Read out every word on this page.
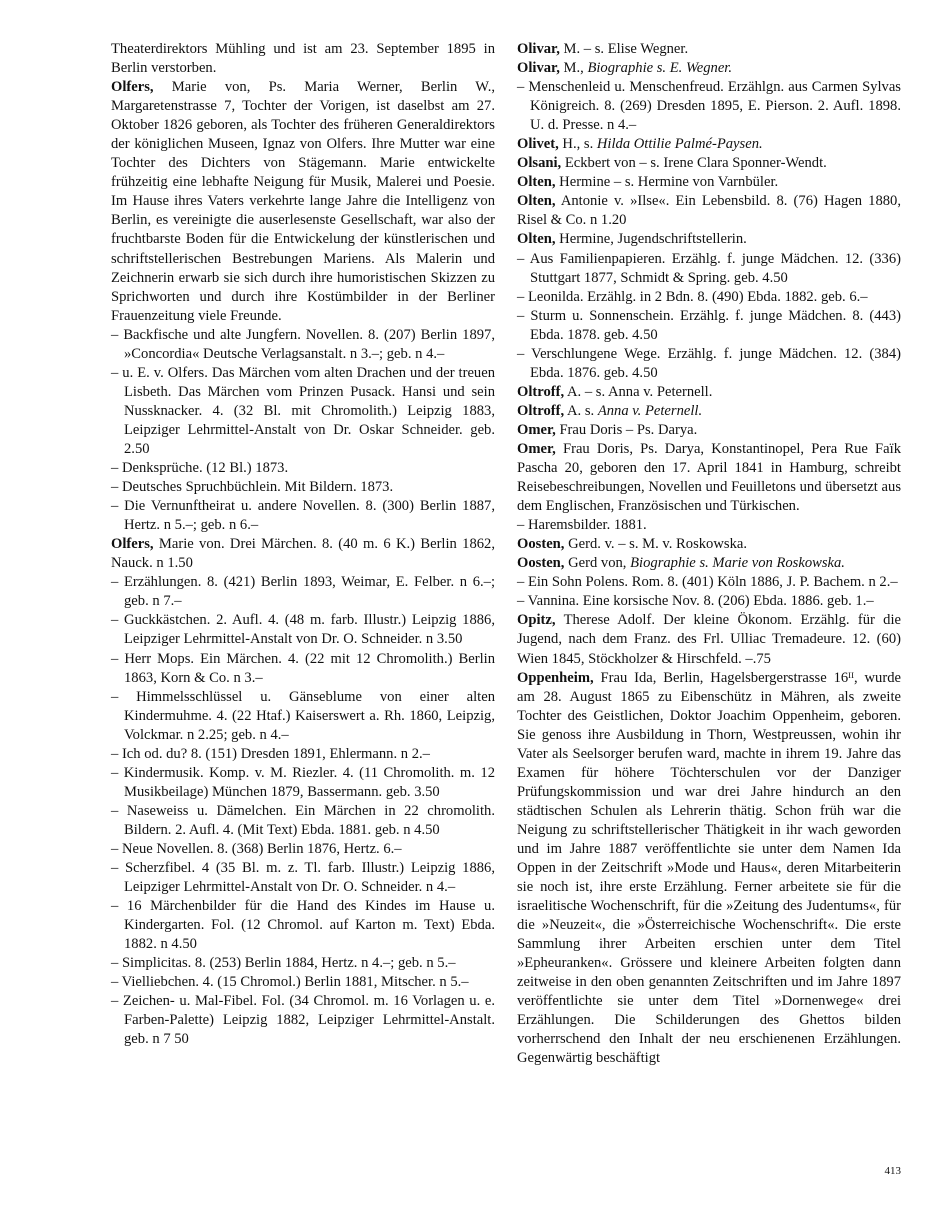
Theaterdirektors Mühling und ist am 23. September 1895 in Berlin verstorben.

Olfers, Marie von, Ps. Maria Werner, Berlin W., Margaretenstrasse 7, Tochter der Vorigen, ist daselbst am 27. Oktober 1826 geboren, als Tochter des früheren Generaldirektors der königlichen Museen, Ignaz von Olfers. Ihre Mutter war eine Tochter des Dichters von Stägemann. Marie entwickelte frühzeitig eine lebhafte Neigung für Musik, Malerei und Poesie. Im Hause ihres Vaters verkehrte lange Jahre die Intelligenz von Berlin, es vereinigte die auserlesenste Gesellschaft, war also der fruchtbarste Boden für die Entwickelung der künstlerischen und schriftstellerischen Bestrebungen Mariens. Als Malerin und Zeichnerin erwarb sie sich durch ihre humoristischen Skizzen zu Sprichworten und durch ihre Kostümbilder in der Berliner Frauenzeitung viele Freunde.

– Backfische und alte Jungfern. Novellen. 8. (207) Berlin 1897, »Concordia« Deutsche Verlagsanstalt. n 3.–; geb. n 4.–

– u. E. v. Olfers. Das Märchen vom alten Drachen und der treuen Lisbeth. Das Märchen vom Prinzen Pusack. Hansi und sein Nussknacker. 4. (32 Bl. mit Chromolith.) Leipzig 1883, Leipziger Lehrmittel-Anstalt von Dr. Oskar Schneider. geb. 2.50

– Denksprüche. (12 Bl.) 1873.

– Deutsches Spruchbüchlein. Mit Bildern. 1873.

– Die Vernunftheirat u. andere Novellen. 8. (300) Berlin 1887, Hertz. n 5.–; geb. n 6.–

Olfers, Marie von. Drei Märchen. 8. (40 m. 6 K.) Berlin 1862, Nauck. n 1.50

– Erzählungen. 8. (421) Berlin 1893, Weimar, E. Felber. n 6.–; geb. n 7.–

– Guckkästchen. 2. Aufl. 4. (48 m. farb. Illustr.) Leipzig 1886, Leipziger Lehrmittel-Anstalt von Dr. O. Schneider. n 3.50

– Herr Mops. Ein Märchen. 4. (22 mit 12 Chromolith.) Berlin 1863, Korn & Co. n 3.–

– Himmelsschlüssel u. Gänseblume von einer alten Kindermuhme. 4. (22 Htaf.) Kaiserswert a. Rh. 1860, Leipzig, Volckmar. n 2.25; geb. n 4.–

– Ich od. du? 8. (151) Dresden 1891, Ehlermann. n 2.–

– Kindermusik. Komp. v. M. Riezler. 4. (11 Chromolith. m. 12 Musikbeilage) München 1879, Bassermann. geb. 3.50

– Naseweiss u. Dämelchen. Ein Märchen in 22 chromolith. Bildern. 2. Aufl. 4. (Mit Text) Ebda. 1881. geb. n 4.50

– Neue Novellen. 8. (368) Berlin 1876, Hertz. 6.–

– Scherzfibel. 4 (35 Bl. m. z. Tl. farb. Illustr.) Leipzig 1886, Leipziger Lehrmittel-Anstalt von Dr. O. Schneider. n 4.–

– 16 Märchenbilder für die Hand des Kindes im Hause u. Kindergarten. Fol. (12 Chromol. auf Karton m. Text) Ebda. 1882. n 4.50

– Simplicitas. 8. (253) Berlin 1884, Hertz. n 4.–; geb. n 5.–

– Vielliebchen. 4. (15 Chromol.) Berlin 1881, Mitscher. n 5.–

– Zeichen- u. Mal-Fibel. Fol. (34 Chromol. m. 16 Vorlagen u. e. Farben-Palette) Leipzig 1882, Leipziger Lehrmittel-Anstalt. geb. n 7 50

Olivar, M. – s. Elise Wegner.

Olivar, M., Biographie s. E. Wegner.

– Menschenleid u. Menschenfreud. Erzählgn. aus Carmen Sylvas Königreich. 8. (269) Dresden 1895, E. Pierson. 2. Aufl. 1898. U. d. Presse. n 4.–

Olivet, H., s. Hilda Ottilie Palmé-Paysen.

Olsani, Eckbert von – s. Irene Clara Sponner-Wendt.

Olten, Hermine – s. Hermine von Varnbüler.

Olten, Antonie v. »Ilse«. Ein Lebensbild. 8. (76) Hagen 1880, Risel & Co. n 1.20

Olten, Hermine, Jugendschriftstellerin.

– Aus Familienpapieren. Erzählg. f. junge Mädchen. 12. (336) Stuttgart 1877, Schmidt & Spring. geb. 4.50

– Leonilda. Erzählg. in 2 Bdn. 8. (490) Ebda. 1882. geb. 6.–

– Sturm u. Sonnenschein. Erzählg. f. junge Mädchen. 8. (443) Ebda. 1878. geb. 4.50

– Verschlungene Wege. Erzählg. f. junge Mädchen. 12. (384) Ebda. 1876. geb. 4.50

Oltroff, A. – s. Anna v. Peternell.

Oltroff, A. s. Anna v. Peternell.

Omer, Frau Doris – Ps. Darya.

Omer, Frau Doris, Ps. Darya, Konstantinopel, Pera Rue Faïk Pascha 20, geboren den 17. April 1841 in Hamburg, schreibt Reisebeschreibungen, Novellen und Feuilletons und übersetzt aus dem Englischen, Französischen und Türkischen.

– Haremsbilder. 1881.

Oosten, Gerd. v. – s. M. v. Roskowska.

Oosten, Gerd von, Biographie s. Marie von Roskowska.

– Ein Sohn Polens. Rom. 8. (401) Köln 1886, J. P. Bachem. n 2.–

– Vannina. Eine korsische Nov. 8. (206) Ebda. 1886. geb. 1.–

Opitz, Therese Adolf. Der kleine Ökonom. Erzählg. für die Jugend, nach dem Franz. des Frl. Ulliac Tremadeure. 12. (60) Wien 1845, Stöckholzer & Hirschfeld. –.75

Oppenheim, Frau Ida, Berlin, Hagelsbergerstrasse 16ᴵᴵ, wurde am 28. August 1865 zu Eibenschütz in Mähren, als zweite Tochter des Geistlichen, Doktor Joachim Oppenheim, geboren. Sie genoss ihre Ausbildung in Thorn, Westpreussen, wohin ihr Vater als Seelsorger berufen ward, machte in ihrem 19. Jahre das Examen für höhere Töchterschulen vor der Danziger Prüfungskommission und war drei Jahre hindurch an den städtischen Schulen als Lehrerin thätig. Schon früh war die Neigung zu schriftstellerischer Thätigkeit in ihr wach geworden und im Jahre 1887 veröffentlichte sie unter dem Namen Ida Oppen in der Zeitschrift »Mode und Haus«, deren Mitarbeiterin sie noch ist, ihre erste Erzählung. Ferner arbeitete sie für die israelitische Wochenschrift, für die »Zeitung des Judentums«, für die »Neuzeit«, die »Österreichische Wochenschrift«. Die erste Sammlung ihrer Arbeiten erschien unter dem Titel »Epheuranken«. Grössere und kleinere Arbeiten folgten dann zeitweise in den oben genannten Zeitschriften und im Jahre 1897 veröffentlichte sie unter dem Titel »Dornenwege« drei Erzählungen. Die Schilderungen des Ghettos bilden vorherrschend den Inhalt der neu erschienenen Erzählungen. Gegenwärtig beschäftigt

413
